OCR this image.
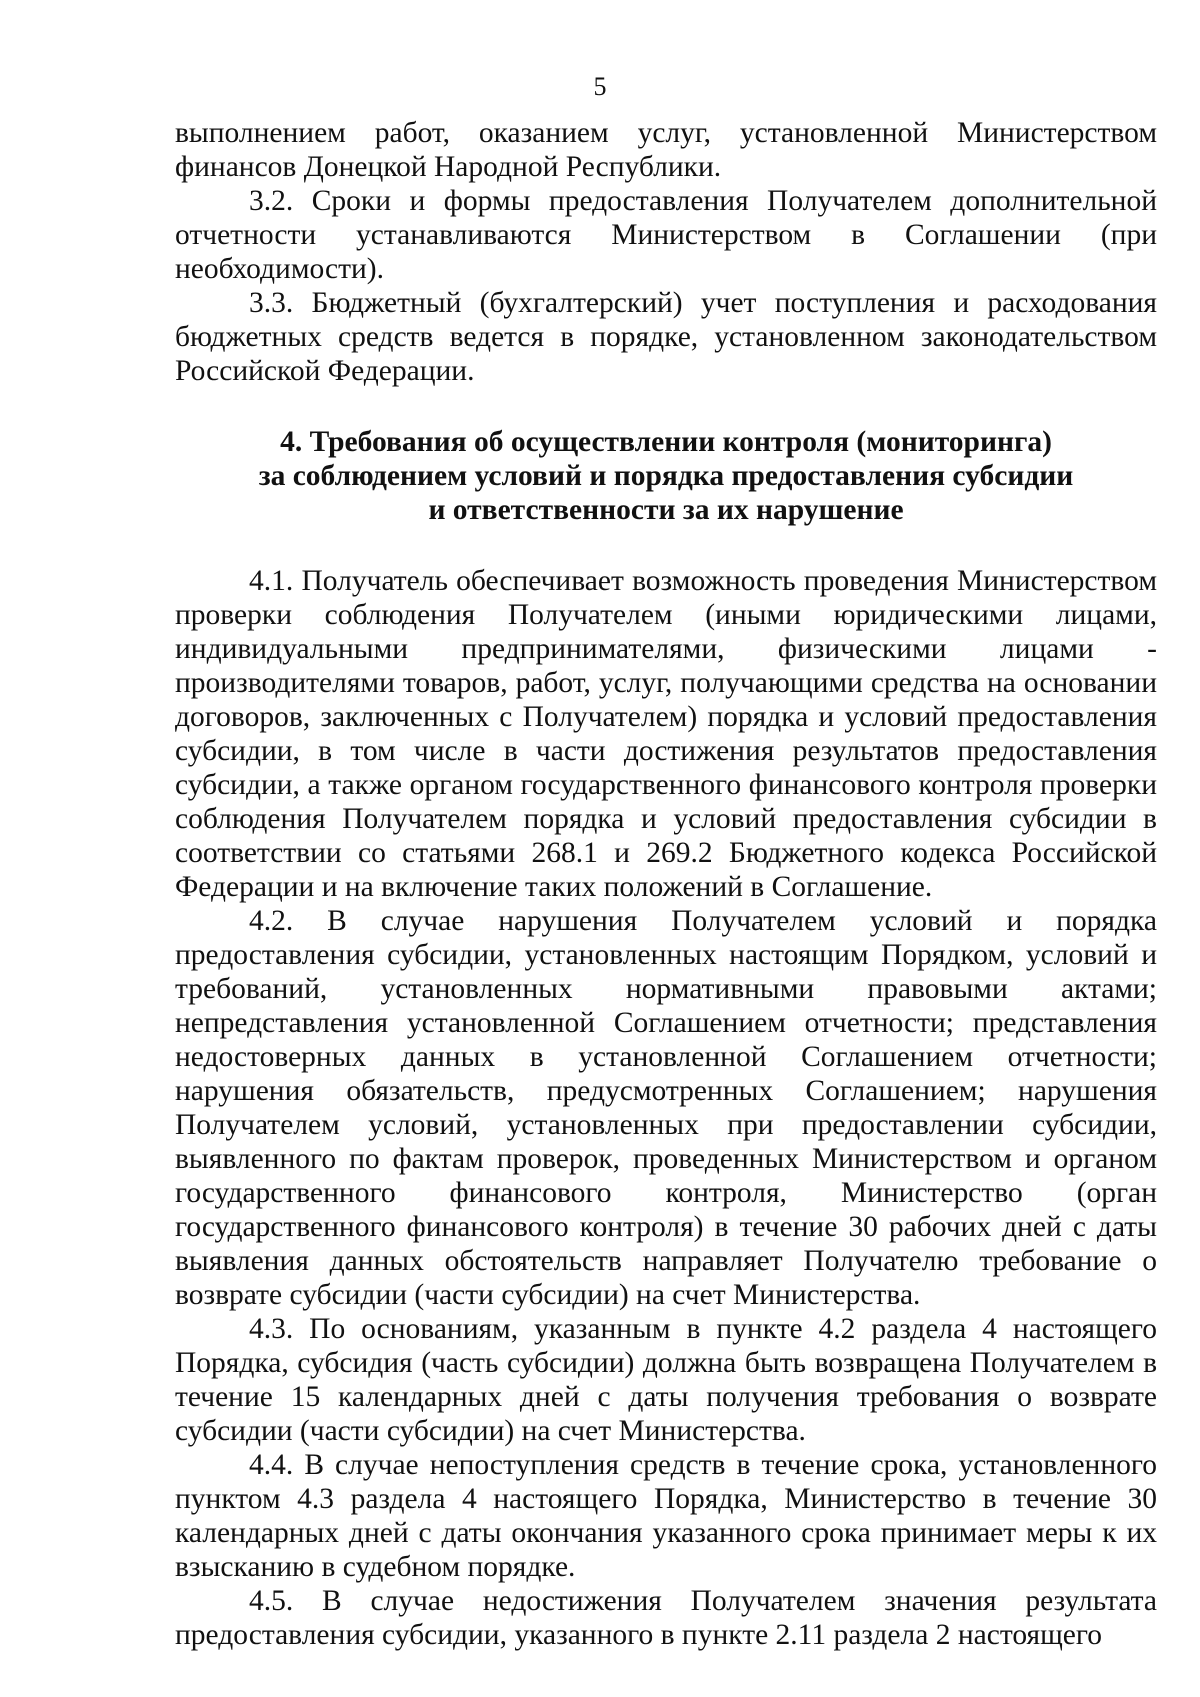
5

выполнением работ, оказанием услуг, установленной Министерством финансов Донецкой Народной Республики.

3.2. Сроки и формы предоставления Получателем дополнительной отчетности устанавливаются Министерством в Соглашении (при необходимости).

3.3. Бюджетный (бухгалтерский) учет поступления и расходования бюджетных средств ведется в порядке, установленном законодательством Российской Федерации.

4. Требования об осуществлении контроля (мониторинга)
за соблюдением условий и порядка предоставления субсидии
и ответственности за их нарушение

4.1. Получатель обеспечивает возможность проведения Министерством проверки соблюдения Получателем (иными юридическими лицами, индивидуальными предпринимателями, физическими лицами - производителями товаров, работ, услуг, получающими средства на основании договоров, заключенных с Получателем) порядка и условий предоставления субсидии, в том числе в части достижения результатов предоставления субсидии, а также органом государственного финансового контроля проверки соблюдения Получателем порядка и условий предоставления субсидии в соответствии со статьями 268.1 и 269.2 Бюджетного кодекса Российской Федерации и на включение таких положений в Соглашение.

4.2. В случае нарушения Получателем условий и порядка предоставления субсидии, установленных настоящим Порядком, условий и требований, установленных нормативными правовыми актами; непредставления установленной Соглашением отчетности; представления недостоверных данных в установленной Соглашением отчетности; нарушения обязательств, предусмотренных Соглашением; нарушения Получателем условий, установленных при предоставлении субсидии, выявленного по фактам проверок, проведенных Министерством и органом государственного финансового контроля, Министерство (орган государственного финансового контроля) в течение 30 рабочих дней с даты выявления данных обстоятельств направляет Получателю требование о возврате субсидии (части субсидии) на счет Министерства.

4.3. По основаниям, указанным в пункте 4.2 раздела 4 настоящего Порядка, субсидия (часть субсидии) должна быть возвращена Получателем в течение 15 календарных дней с даты получения требования о возврате субсидии (части субсидии) на счет Министерства.

4.4. В случае непоступления средств в течение срока, установленного пунктом 4.3 раздела 4 настоящего Порядка, Министерство в течение 30 календарных дней с даты окончания указанного срока принимает меры к их взысканию в судебном порядке.

4.5. В случае недостижения Получателем значения результата предоставления субсидии, указанного в пункте 2.11 раздела 2 настоящего
